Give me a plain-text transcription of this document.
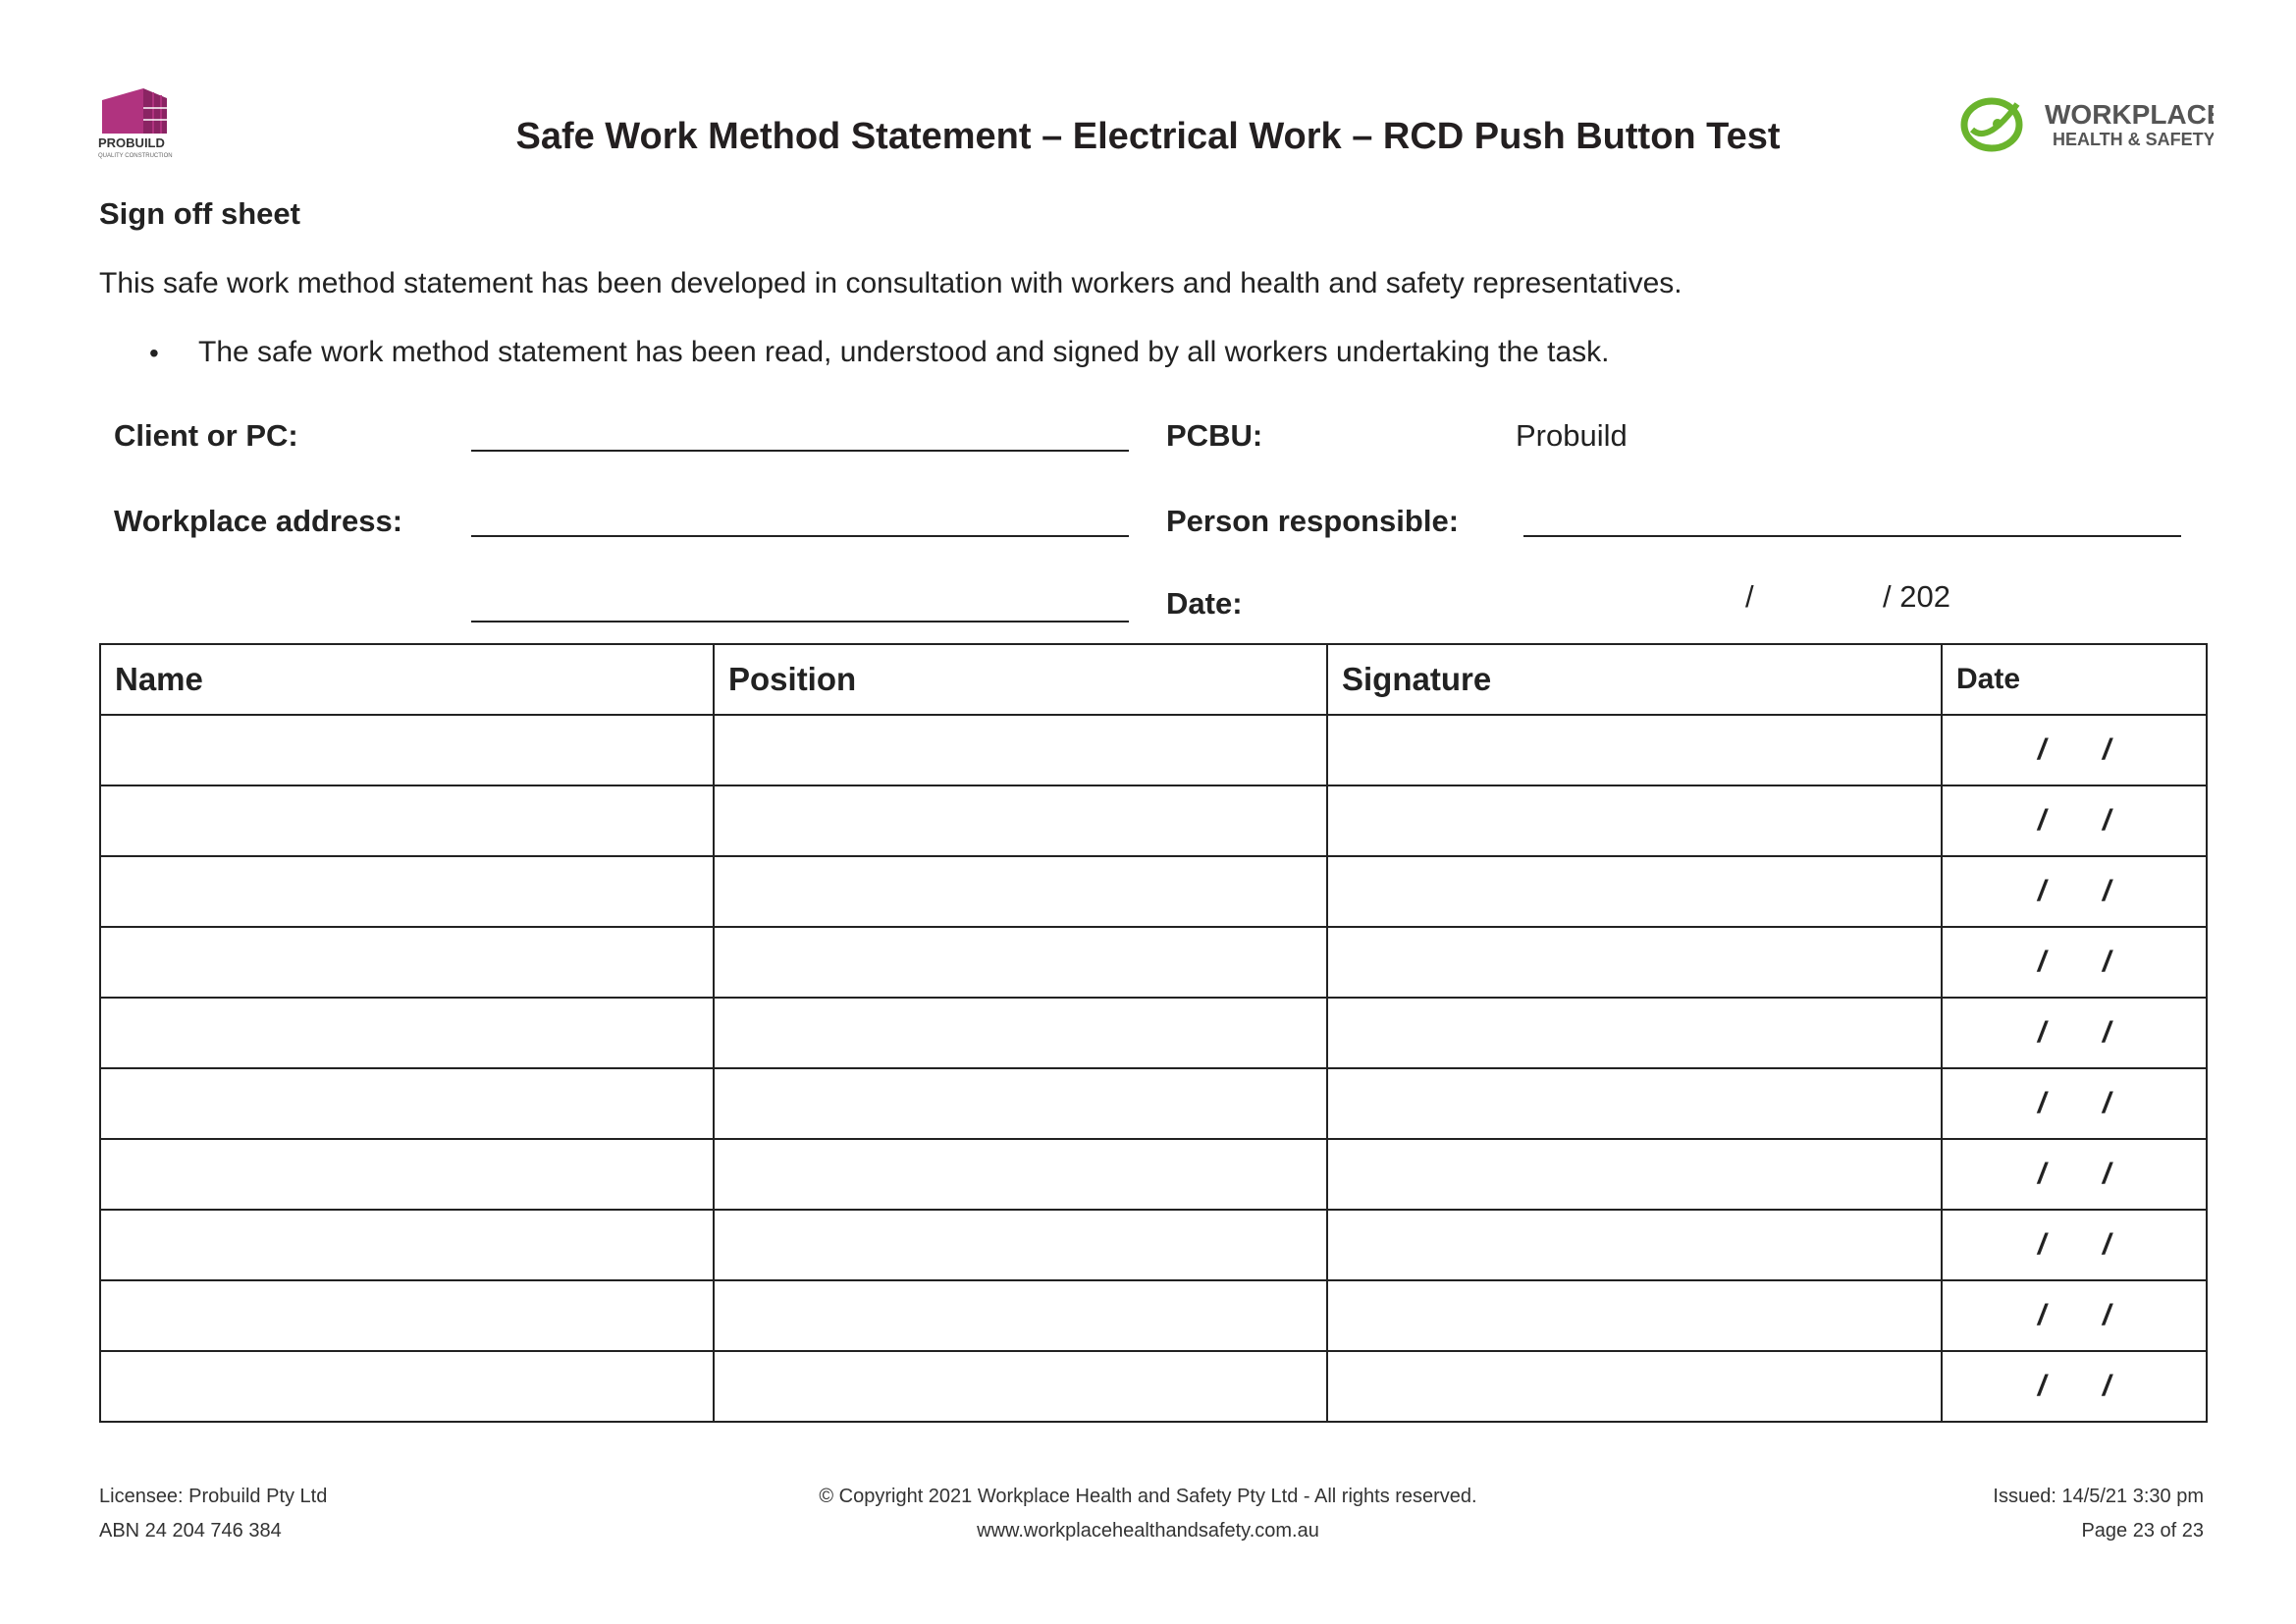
PROBUILD
QUALITY CONSTRUCTION	Safe Work Method Statement – Electrical Work – RCD Push Button Test
WORKPLACE
HEALTH & SAFETY
Sign off sheet
This safe work method statement has been developed in consultation with workers and health and safety representatives.
• The safe work method statement has been read, understood and signed by all workers undertaking the task.
Client or PC:	PCBU:	Probuild
Workplace address:	Person responsible:
Date:	/	/ 202
Name	Position	Signature	Date
			/ /
			/ /
			/ /
			/ /
			/ /
			/ /
			/ /
			/ /
			/ /
			/ /
Licensee: Probuild Pty Ltd
ABN 24 204 746 384
© Copyright 2021 Workplace Health and Safety Pty Ltd - All rights reserved.
www.workplacehealthandsafety.com.au
Issued: 14/5/21 3:30 pm
Page 23 of 23
